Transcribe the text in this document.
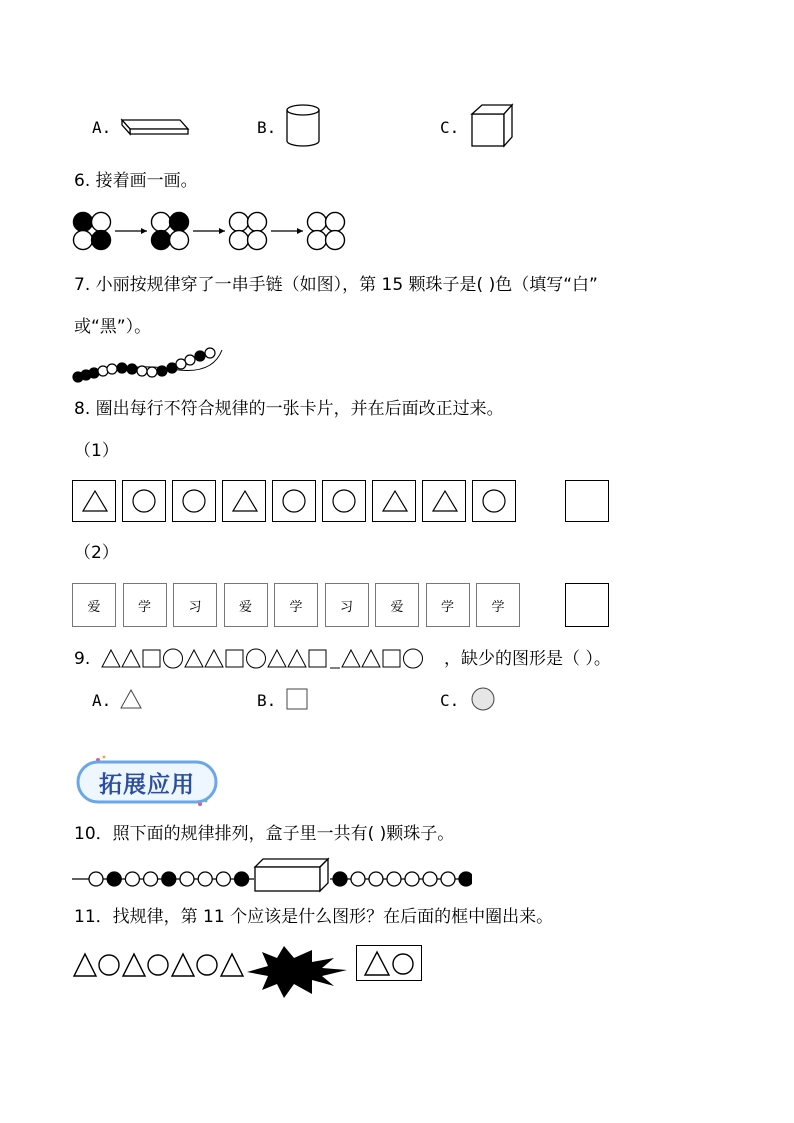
A.	B.	C.
6. 接着画一画。
7. 小丽按规律穿了一串手链（如图），第 15 颗珠子是( )色（填写“白”
或“黑”）。
8. 圈出每行不符合规律的一张卡片，并在后面改正过来。
（1）
（2）
爱	学	习	爱	学	习	爱	学	学
9.	，缺少的图形是（ ）。
A.	B.	C.
拓展应用
10．照下面的规律排列，盒子里一共有( )颗珠子。
11．找规律，第 11 个应该是什么图形？在后面的框中圈出来。
